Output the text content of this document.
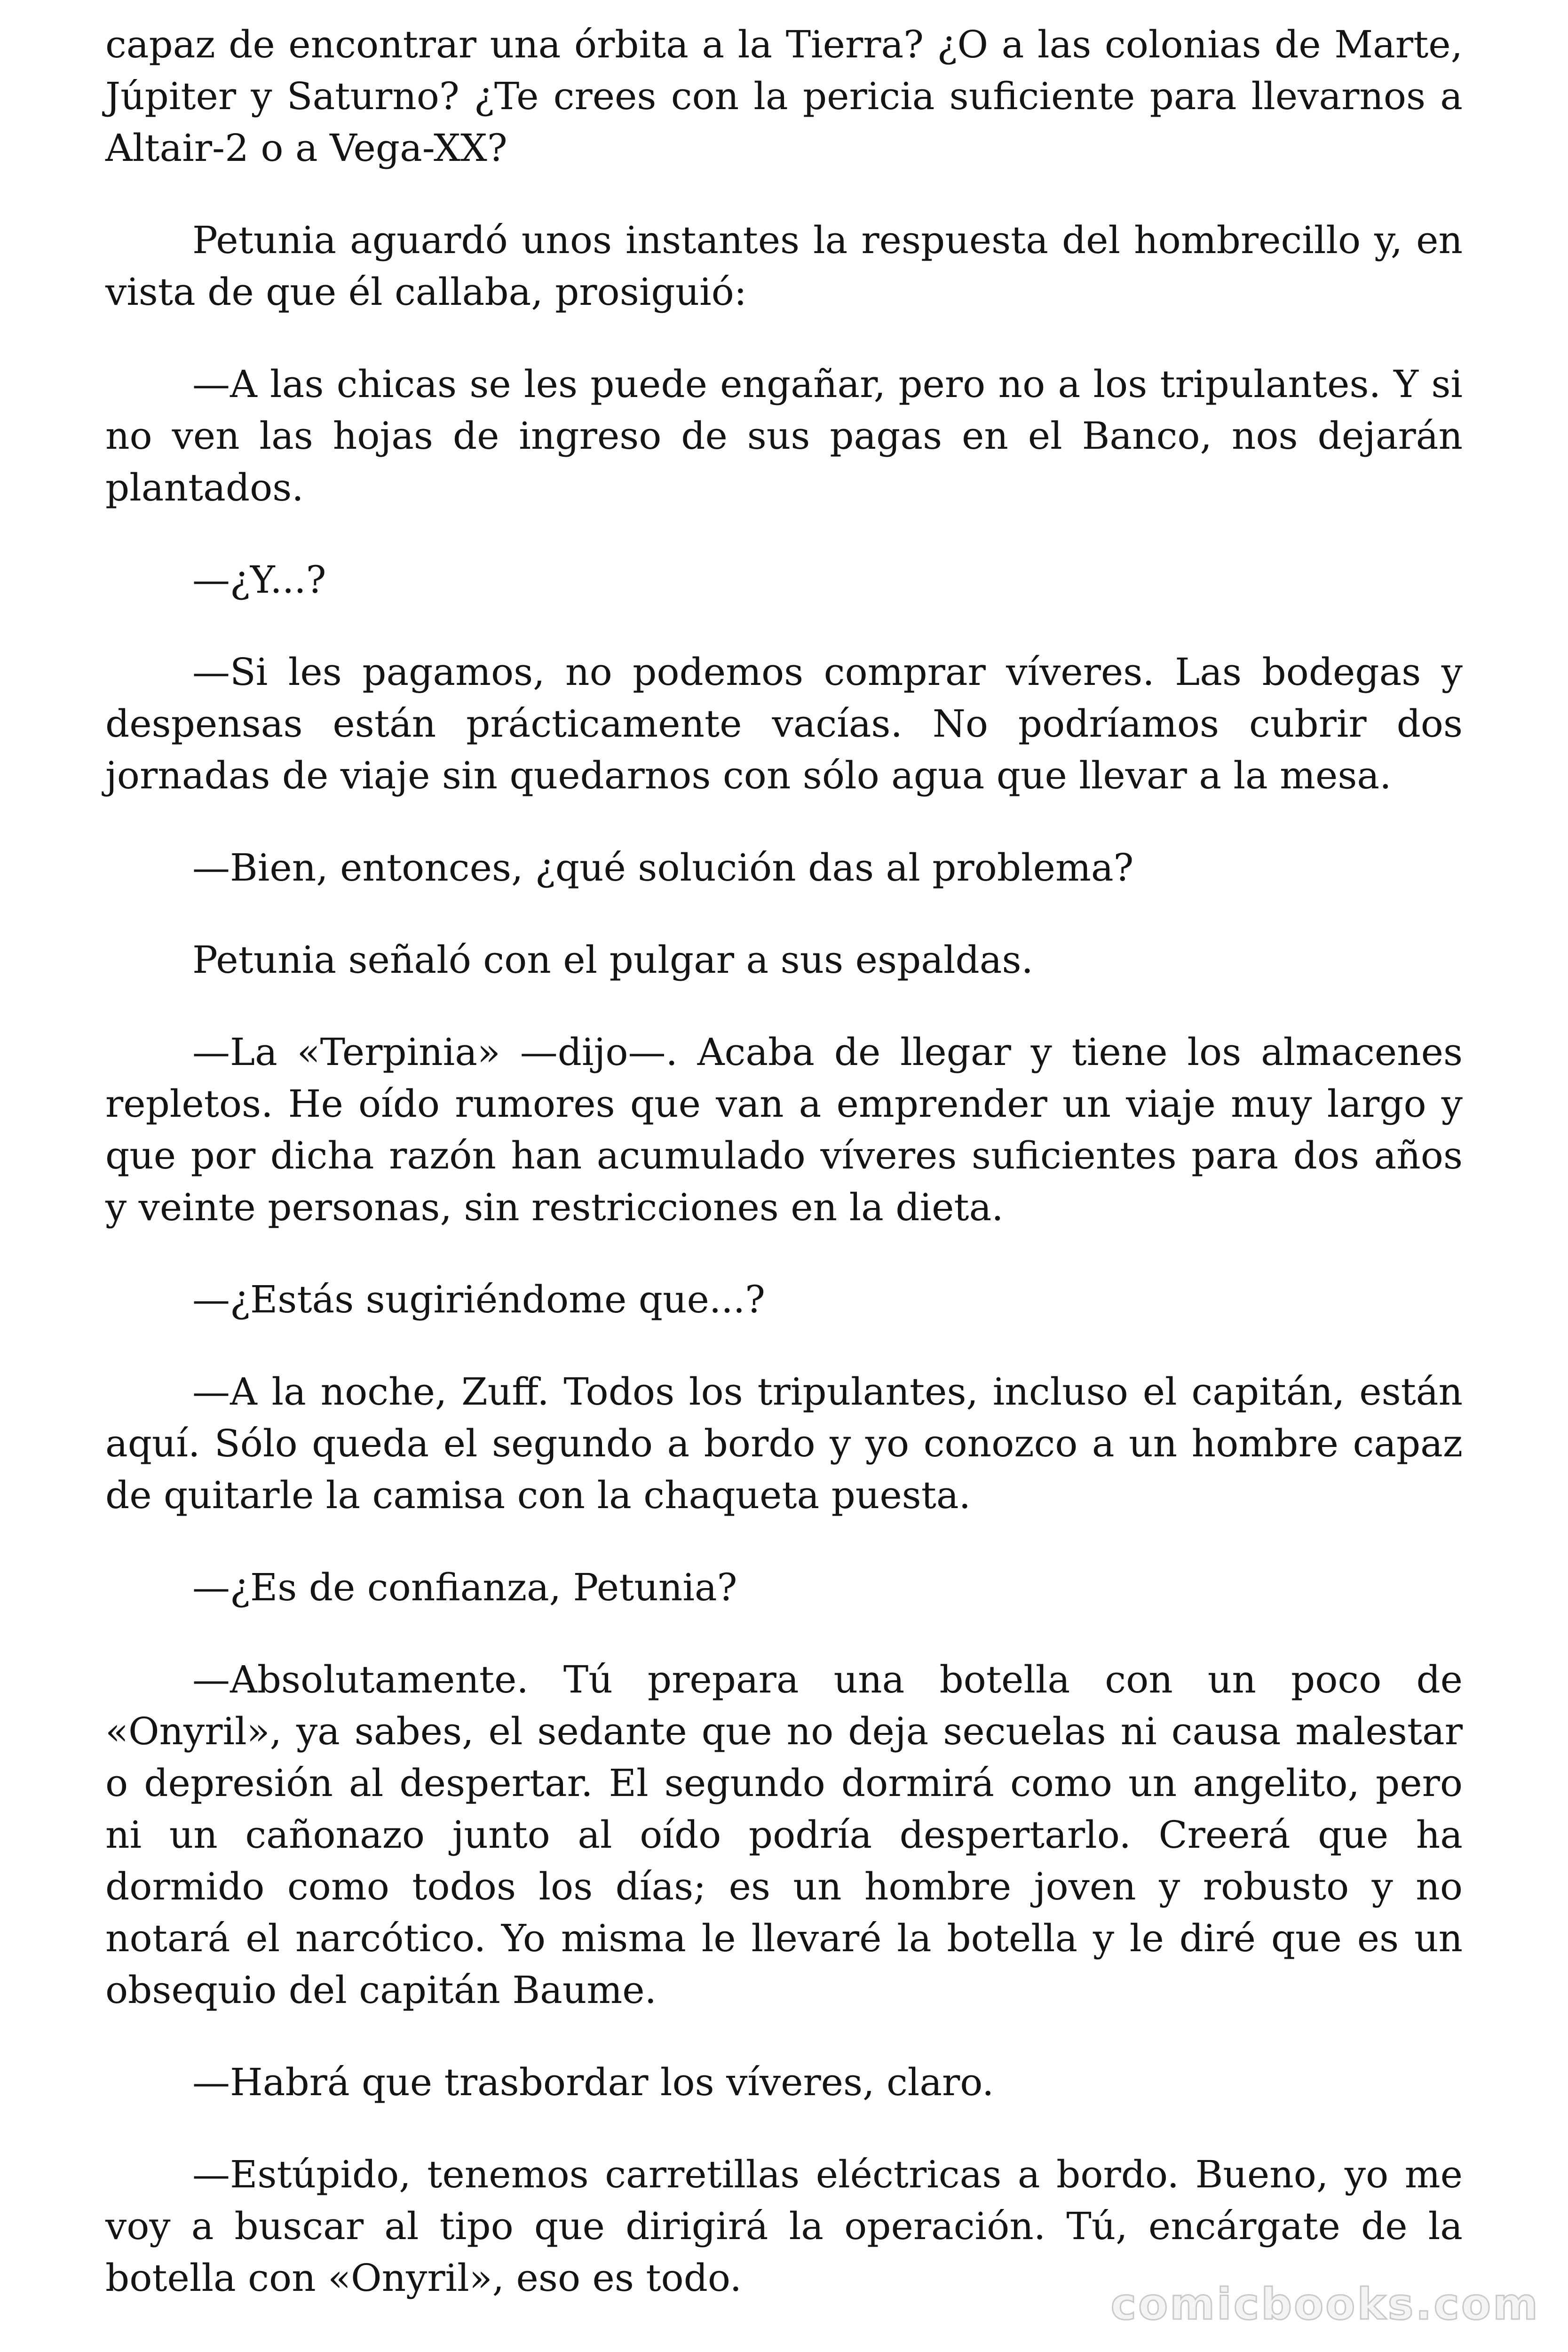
capaz de encontrar una órbita a la Tierra? ¿O a las colonias de Marte, Júpiter y Saturno? ¿Te crees con la pericia suficiente para llevarnos a Altair-2 o a Vega-XX?

Petunia aguardó unos instantes la respuesta del hombrecillo y, en vista de que él callaba, prosiguió:

—A las chicas se les puede engañar, pero no a los tripulantes. Y si no ven las hojas de ingreso de sus pagas en el Banco, nos dejarán plantados.

—¿Y...?

—Si les pagamos, no podemos comprar víveres. Las bodegas y despensas están prácticamente vacías. No podríamos cubrir dos jornadas de viaje sin quedarnos con sólo agua que llevar a la mesa.

—Bien, entonces, ¿qué solución das al problema?

Petunia señaló con el pulgar a sus espaldas.

—La «Terpinia» —dijo—. Acaba de llegar y tiene los almacenes repletos. He oído rumores que van a emprender un viaje muy largo y que por dicha razón han acumulado víveres suficientes para dos años y veinte personas, sin restricciones en la dieta.

—¿Estás sugiriéndome que...?

—A la noche, Zuff. Todos los tripulantes, incluso el capitán, están aquí. Sólo queda el segundo a bordo y yo conozco a un hombre capaz de quitarle la camisa con la chaqueta puesta.

—¿Es de confianza, Petunia?

—Absolutamente. Tú prepara una botella con un poco de «Onyril», ya sabes, el sedante que no deja secuelas ni causa malestar o depresión al despertar. El segundo dormirá como un angelito, pero ni un cañonazo junto al oído podría despertarlo. Creerá que ha dormido como todos los días; es un hombre joven y robusto y no notará el narcótico. Yo misma le llevaré la botella y le diré que es un obsequio del capitán Baume.

—Habrá que trasbordar los víveres, claro.

—Estúpido, tenemos carretillas eléctricas a bordo. Bueno, yo me voy a buscar al tipo que dirigirá la operación. Tú, encárgate de la botella con «Onyril», eso es todo.

comicbooks.com
